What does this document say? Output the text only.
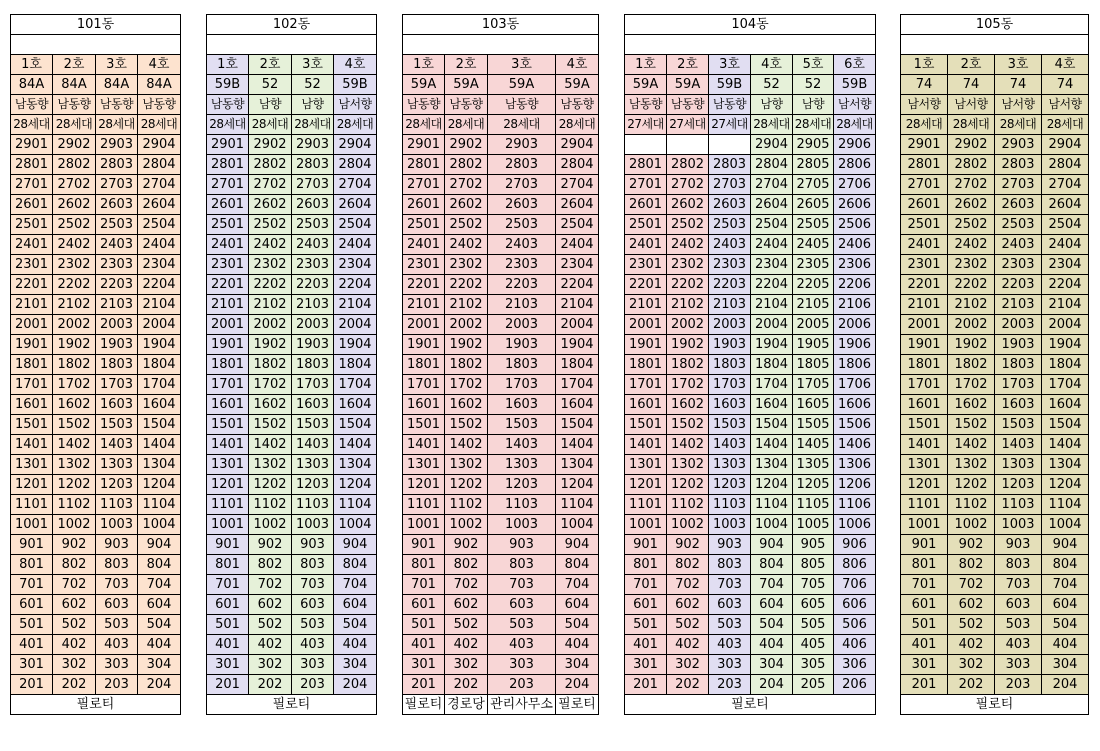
101동			

1호	2호	3호	4호
84A	84A	84A	84A
남동향	남동향	남동향	남동향
28세대	28세대	28세대	28세대
2901	2902	2903	2904
2801	2802	2803	2804
2701	2702	2703	2704
2601	2602	2603	2604
2501	2502	2503	2504
2401	2402	2403	2404
2301	2302	2303	2304
2201	2202	2203	2204
2101	2102	2103	2104
2001	2002	2003	2004
1901	1902	1903	1904
1801	1802	1803	1804
1701	1702	1703	1704
1601	1602	1603	1604
1501	1502	1503	1504
1401	1402	1403	1404
1301	1302	1303	1304
1201	1202	1203	1204
1101	1102	1103	1104
1001	1002	1003	1004
901	902	903	904
801	802	803	804
701	702	703	704
601	602	603	604
501	502	503	504
401	402	403	404
301	302	303	304
201	202	203	204
필로티			
102동			

1호	2호	3호	4호
59B	52	52	59B
남동향	남향	남향	남서향
28세대	28세대	28세대	28세대
2901	2902	2903	2904
2801	2802	2803	2804
2701	2702	2703	2704
2601	2602	2603	2604
2501	2502	2503	2504
2401	2402	2403	2404
2301	2302	2303	2304
2201	2202	2203	2204
2101	2102	2103	2104
2001	2002	2003	2004
1901	1902	1903	1904
1801	1802	1803	1804
1701	1702	1703	1704
1601	1602	1603	1604
1501	1502	1503	1504
1401	1402	1403	1404
1301	1302	1303	1304
1201	1202	1203	1204
1101	1102	1103	1104
1001	1002	1003	1004
901	902	903	904
801	802	803	804
701	702	703	704
601	602	603	604
501	502	503	504
401	402	403	404
301	302	303	304
201	202	203	204
필로티			
103동			

1호	2호	3호	4호
59A	59A	59A	59A
남동향	남동향	남동향	남동향
28세대	28세대	28세대	28세대
2901	2902	2903	2904
2801	2802	2803	2804
2701	2702	2703	2704
2601	2602	2603	2604
2501	2502	2503	2504
2401	2402	2403	2404
2301	2302	2303	2304
2201	2202	2203	2204
2101	2102	2103	2104
2001	2002	2003	2004
1901	1902	1903	1904
1801	1802	1803	1804
1701	1702	1703	1704
1601	1602	1603	1604
1501	1502	1503	1504
1401	1402	1403	1404
1301	1302	1303	1304
1201	1202	1203	1204
1101	1102	1103	1104
1001	1002	1003	1004
901	902	903	904
801	802	803	804
701	702	703	704
601	602	603	604
501	502	503	504
401	402	403	404
301	302	303	304
201	202	203	204
필로티	경로당	관리사무소	필로티
104동					

1호	2호	3호	4호	5호	6호
59A	59A	59B	52	52	59B
남동향	남동향	남동향	남향	남향	남서향
27세대	27세대	27세대	28세대	28세대	28세대
			2904	2905	2906
2801	2802	2803	2804	2805	2806
2701	2702	2703	2704	2705	2706
2601	2602	2603	2604	2605	2606
2501	2502	2503	2504	2505	2506
2401	2402	2403	2404	2405	2406
2301	2302	2303	2304	2305	2306
2201	2202	2203	2204	2205	2206
2101	2102	2103	2104	2105	2106
2001	2002	2003	2004	2005	2006
1901	1902	1903	1904	1905	1906
1801	1802	1803	1804	1805	1806
1701	1702	1703	1704	1705	1706
1601	1602	1603	1604	1605	1606
1501	1502	1503	1504	1505	1506
1401	1402	1403	1404	1405	1406
1301	1302	1303	1304	1305	1306
1201	1202	1203	1204	1205	1206
1101	1102	1103	1104	1105	1106
1001	1002	1003	1004	1005	1006
901	902	903	904	905	906
801	802	803	804	805	806
701	702	703	704	705	706
601	602	603	604	605	606
501	502	503	504	505	506
401	402	403	404	405	406
301	302	303	304	305	306
201	202	203	204	205	206
필로티					
105동			

1호	2호	3호	4호
74	74	74	74
남서향	남서향	남서향	남서향
28세대	28세대	28세대	28세대
2901	2902	2903	2904
2801	2802	2803	2804
2701	2702	2703	2704
2601	2602	2603	2604
2501	2502	2503	2504
2401	2402	2403	2404
2301	2302	2303	2304
2201	2202	2203	2204
2101	2102	2103	2104
2001	2002	2003	2004
1901	1902	1903	1904
1801	1802	1803	1804
1701	1702	1703	1704
1601	1602	1603	1604
1501	1502	1503	1504
1401	1402	1403	1404
1301	1302	1303	1304
1201	1202	1203	1204
1101	1102	1103	1104
1001	1002	1003	1004
901	902	903	904
801	802	803	804
701	702	703	704
601	602	603	604
501	502	503	504
401	402	403	404
301	302	303	304
201	202	203	204
필로티			
